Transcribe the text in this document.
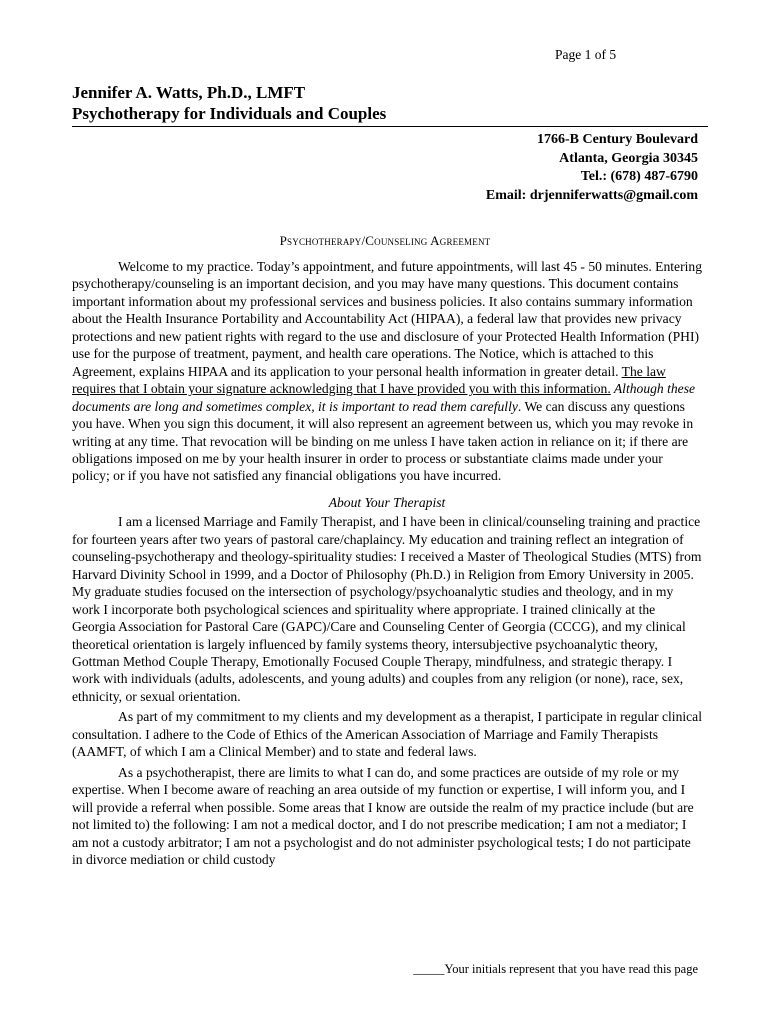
Page 1 of 5
Jennifer A. Watts, Ph.D., LMFT
Psychotherapy for Individuals and Couples
1766-B Century Boulevard
Atlanta, Georgia 30345
Tel.: (678) 487-6790
Email: drjenniferwatts@gmail.com
Psychotherapy/Counseling Agreement

Welcome to my practice. Today’s appointment, and future appointments, will last 45 - 50 minutes. Entering psychotherapy/counseling is an important decision, and you may have many questions. This document contains important information about my professional services and business policies. It also contains summary information about the Health Insurance Portability and Accountability Act (HIPAA), a federal law that provides new privacy protections and new patient rights with regard to the use and disclosure of your Protected Health Information (PHI) use for the purpose of treatment, payment, and health care operations. The Notice, which is attached to this Agreement, explains HIPAA and its application to your personal health information in greater detail. The law requires that I obtain your signature acknowledging that I have provided you with this information. Although these documents are long and sometimes complex, it is important to read them carefully. We can discuss any questions you have. When you sign this document, it will also represent an agreement between us, which you may revoke in writing at any time. That revocation will be binding on me unless I have taken action in reliance on it; if there are obligations imposed on me by your health insurer in order to process or substantiate claims made under your policy; or if you have not satisfied any financial obligations you have incurred.

About Your Therapist

I am a licensed Marriage and Family Therapist, and I have been in clinical/counseling training and practice for fourteen years after two years of pastoral care/chaplaincy. My education and training reflect an integration of counseling-psychotherapy and theology-spirituality studies: I received a Master of Theological Studies (MTS) from Harvard Divinity School in 1999, and a Doctor of Philosophy (Ph.D.) in Religion from Emory University in 2005. My graduate studies focused on the intersection of psychology/psychoanalytic studies and theology, and in my work I incorporate both psychological sciences and spirituality where appropriate. I trained clinically at the Georgia Association for Pastoral Care (GAPC)/Care and Counseling Center of Georgia (CCCG), and my clinical theoretical orientation is largely influenced by family systems theory, intersubjective psychoanalytic theory, Gottman Method Couple Therapy, Emotionally Focused Couple Therapy, mindfulness, and strategic therapy. I work with individuals (adults, adolescents, and young adults) and couples from any religion (or none), race, sex, ethnicity, or sexual orientation.

As part of my commitment to my clients and my development as a therapist, I participate in regular clinical consultation. I adhere to the Code of Ethics of the American Association of Marriage and Family Therapists (AAMFT, of which I am a Clinical Member) and to state and federal laws.

As a psychotherapist, there are limits to what I can do, and some practices are outside of my role or my expertise. When I become aware of reaching an area outside of my function or expertise, I will inform you, and I will provide a referral when possible. Some areas that I know are outside the realm of my practice include (but are not limited to) the following: I am not a medical doctor, and I do not prescribe medication; I am not a mediator; I am not a custody arbitrator; I am not a psychologist and do not administer psychological tests; I do not participate in divorce mediation or child custody

_____Your initials represent that you have read this page
